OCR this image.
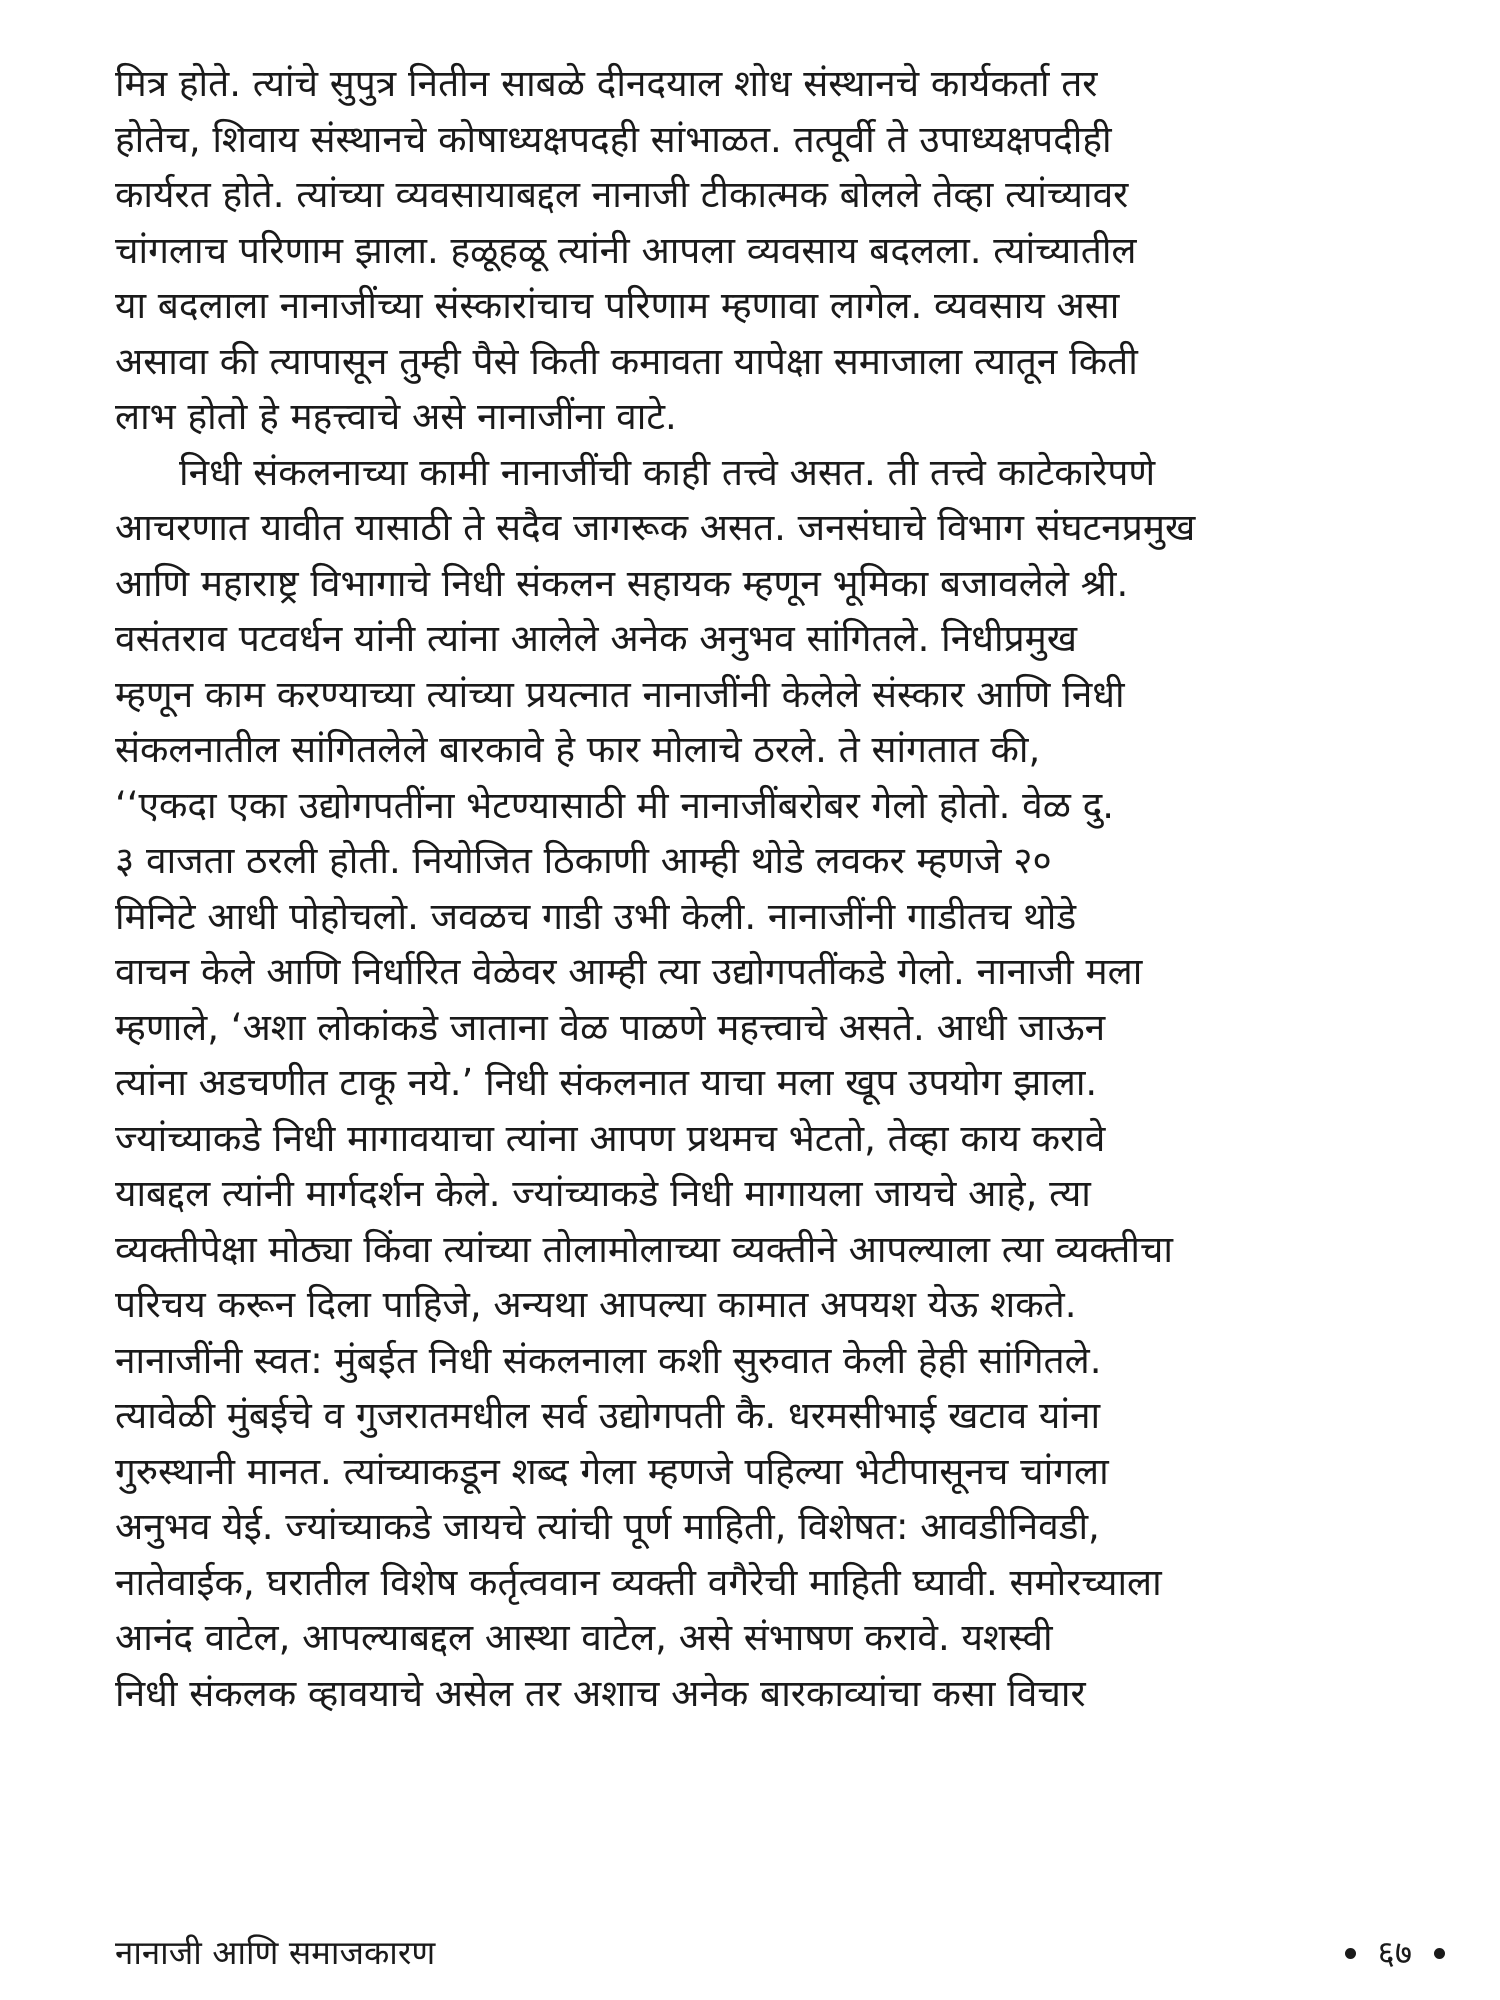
मित्र होते. त्यांचे सुपुत्र नितीन साबळे दीनदयाल शोध संस्थानचे कार्यकर्ता तर
होतेच, शिवाय संस्थानचे कोषाध्यक्षपदही सांभाळत. तत्पूर्वी ते उपाध्यक्षपदीही
कार्यरत होते. त्यांच्या व्यवसायाबद्दल नानाजी टीकात्मक बोलले तेव्हा त्यांच्यावर
चांगलाच परिणाम झाला. हळूहळू त्यांनी आपला व्यवसाय बदलला. त्यांच्यातील
या बदलाला नानाजींच्या संस्कारांचाच परिणाम म्हणावा लागेल. व्यवसाय असा
असावा की त्यापासून तुम्ही पैसे किती कमावता यापेक्षा समाजाला त्यातून किती
लाभ होतो हे महत्त्वाचे असे नानाजींना वाटे.
निधी संकलनाच्या कामी नानाजींची काही तत्त्वे असत. ती तत्त्वे काटेकारेपणे
आचरणात यावीत यासाठी ते सदैव जागरूक असत. जनसंघाचे विभाग संघटनप्रमुख
आणि महाराष्ट्र विभागाचे निधी संकलन सहायक म्हणून भूमिका बजावलेले श्री.
वसंतराव पटवर्धन यांनी त्यांना आलेले अनेक अनुभव सांगितले. निधीप्रमुख
म्हणून काम करण्याच्या त्यांच्या प्रयत्नात नानाजींनी केलेले संस्कार आणि निधी
संकलनातील सांगितलेले बारकावे हे फार मोलाचे ठरले. ते सांगतात की,
‘‘एकदा एका उद्योगपतींना भेटण्यासाठी मी नानाजींबरोबर गेलो होतो. वेळ दु.
३ वाजता ठरली होती. नियोजित ठिकाणी आम्ही थोडे लवकर म्हणजे २०
मिनिटे आधी पोहोचलो. जवळच गाडी उभी केली. नानाजींनी गाडीतच थोडे
वाचन केले आणि निर्धारित वेळेवर आम्ही त्या उद्योगपतींकडे गेलो. नानाजी मला
म्हणाले, ‘अशा लोकांकडे जाताना वेळ पाळणे महत्त्वाचे असते. आधी जाऊन
त्यांना अडचणीत टाकू नये.’ निधी संकलनात याचा मला खूप उपयोग झाला.
ज्यांच्याकडे निधी मागावयाचा त्यांना आपण प्रथमच भेटतो, तेव्हा काय करावे
याबद्दल त्यांनी मार्गदर्शन केले. ज्यांच्याकडे निधी मागायला जायचे आहे, त्या
व्यक्तीपेक्षा मोठ्या किंवा त्यांच्या तोलामोलाच्या व्यक्तीने आपल्याला त्या व्यक्तीचा
परिचय करून दिला पाहिजे, अन्यथा आपल्या कामात अपयश येऊ शकते.
नानाजींनी स्वत: मुंबईत निधी संकलनाला कशी सुरुवात केली हेही सांगितले.
त्यावेळी मुंबईचे व गुजरातमधील सर्व उद्योगपती कै. धरमसीभाई खटाव यांना
गुरुस्थानी मानत. त्यांच्याकडून शब्द गेला म्हणजे पहिल्या भेटीपासूनच चांगला
अनुभव येई. ज्यांच्याकडे जायचे त्यांची पूर्ण माहिती, विशेषत: आवडीनिवडी,
नातेवाईक, घरातील विशेष कर्तृत्ववान व्यक्ती वगैरेची माहिती घ्यावी. समोरच्याला
आनंद वाटेल, आपल्याबद्दल आस्था वाटेल, असे संभाषण करावे. यशस्वी
निधी संकलक व्हावयाचे असेल तर अशाच अनेक बारकाव्यांचा कसा विचार
नानाजी आणि समाजकारण	६७
